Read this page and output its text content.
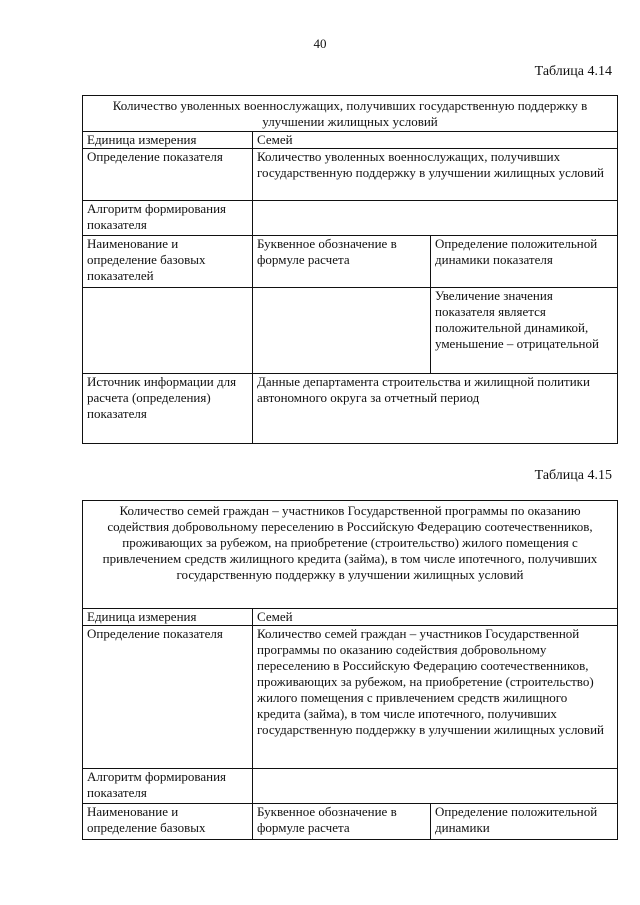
40
Таблица 4.14
Количество уволенных военнослужащих, получивших государственную поддержку в улучшении жилищных условий		
Единица измерения	Семей	
Определение показателя	Количество уволенных военнослужащих, получивших государственную поддержку в улучшении жилищных условий	
Алгоритм формирования показателя		
Наименование и определение базовых показателей	Буквенное обозначение в формуле расчета	Определение положительной динамики показателя
		Увеличение значения показателя является положительной динамикой, уменьшение – отрицательной
Источник информации для расчета (определения) показателя	Данные департамента строительства и жилищной политики автономного округа за отчетный период	
Таблица 4.15
Количество семей граждан – участников Государственной программы по оказанию содействия добровольному переселению в Российскую Федерацию соотечественников, проживающих за рубежом, на приобретение (строительство) жилого помещения с привлечением средств жилищного кредита (займа), в том числе ипотечного, получивших государственную поддержку в улучшении жилищных условий		
Единица измерения	Семей	
Определение показателя	Количество семей граждан – участников Государственной программы по оказанию содействия добровольному переселению в Российскую Федерацию соотечественников, проживающих за рубежом, на приобретение (строительство) жилого помещения с привлечением средств жилищного кредита (займа), в том числе ипотечного, получивших государственную поддержку в улучшении жилищных условий	
Алгоритм формирования показателя		
Наименование и определение базовых	Буквенное обозначение в формуле расчета	Определение положительной динамики
